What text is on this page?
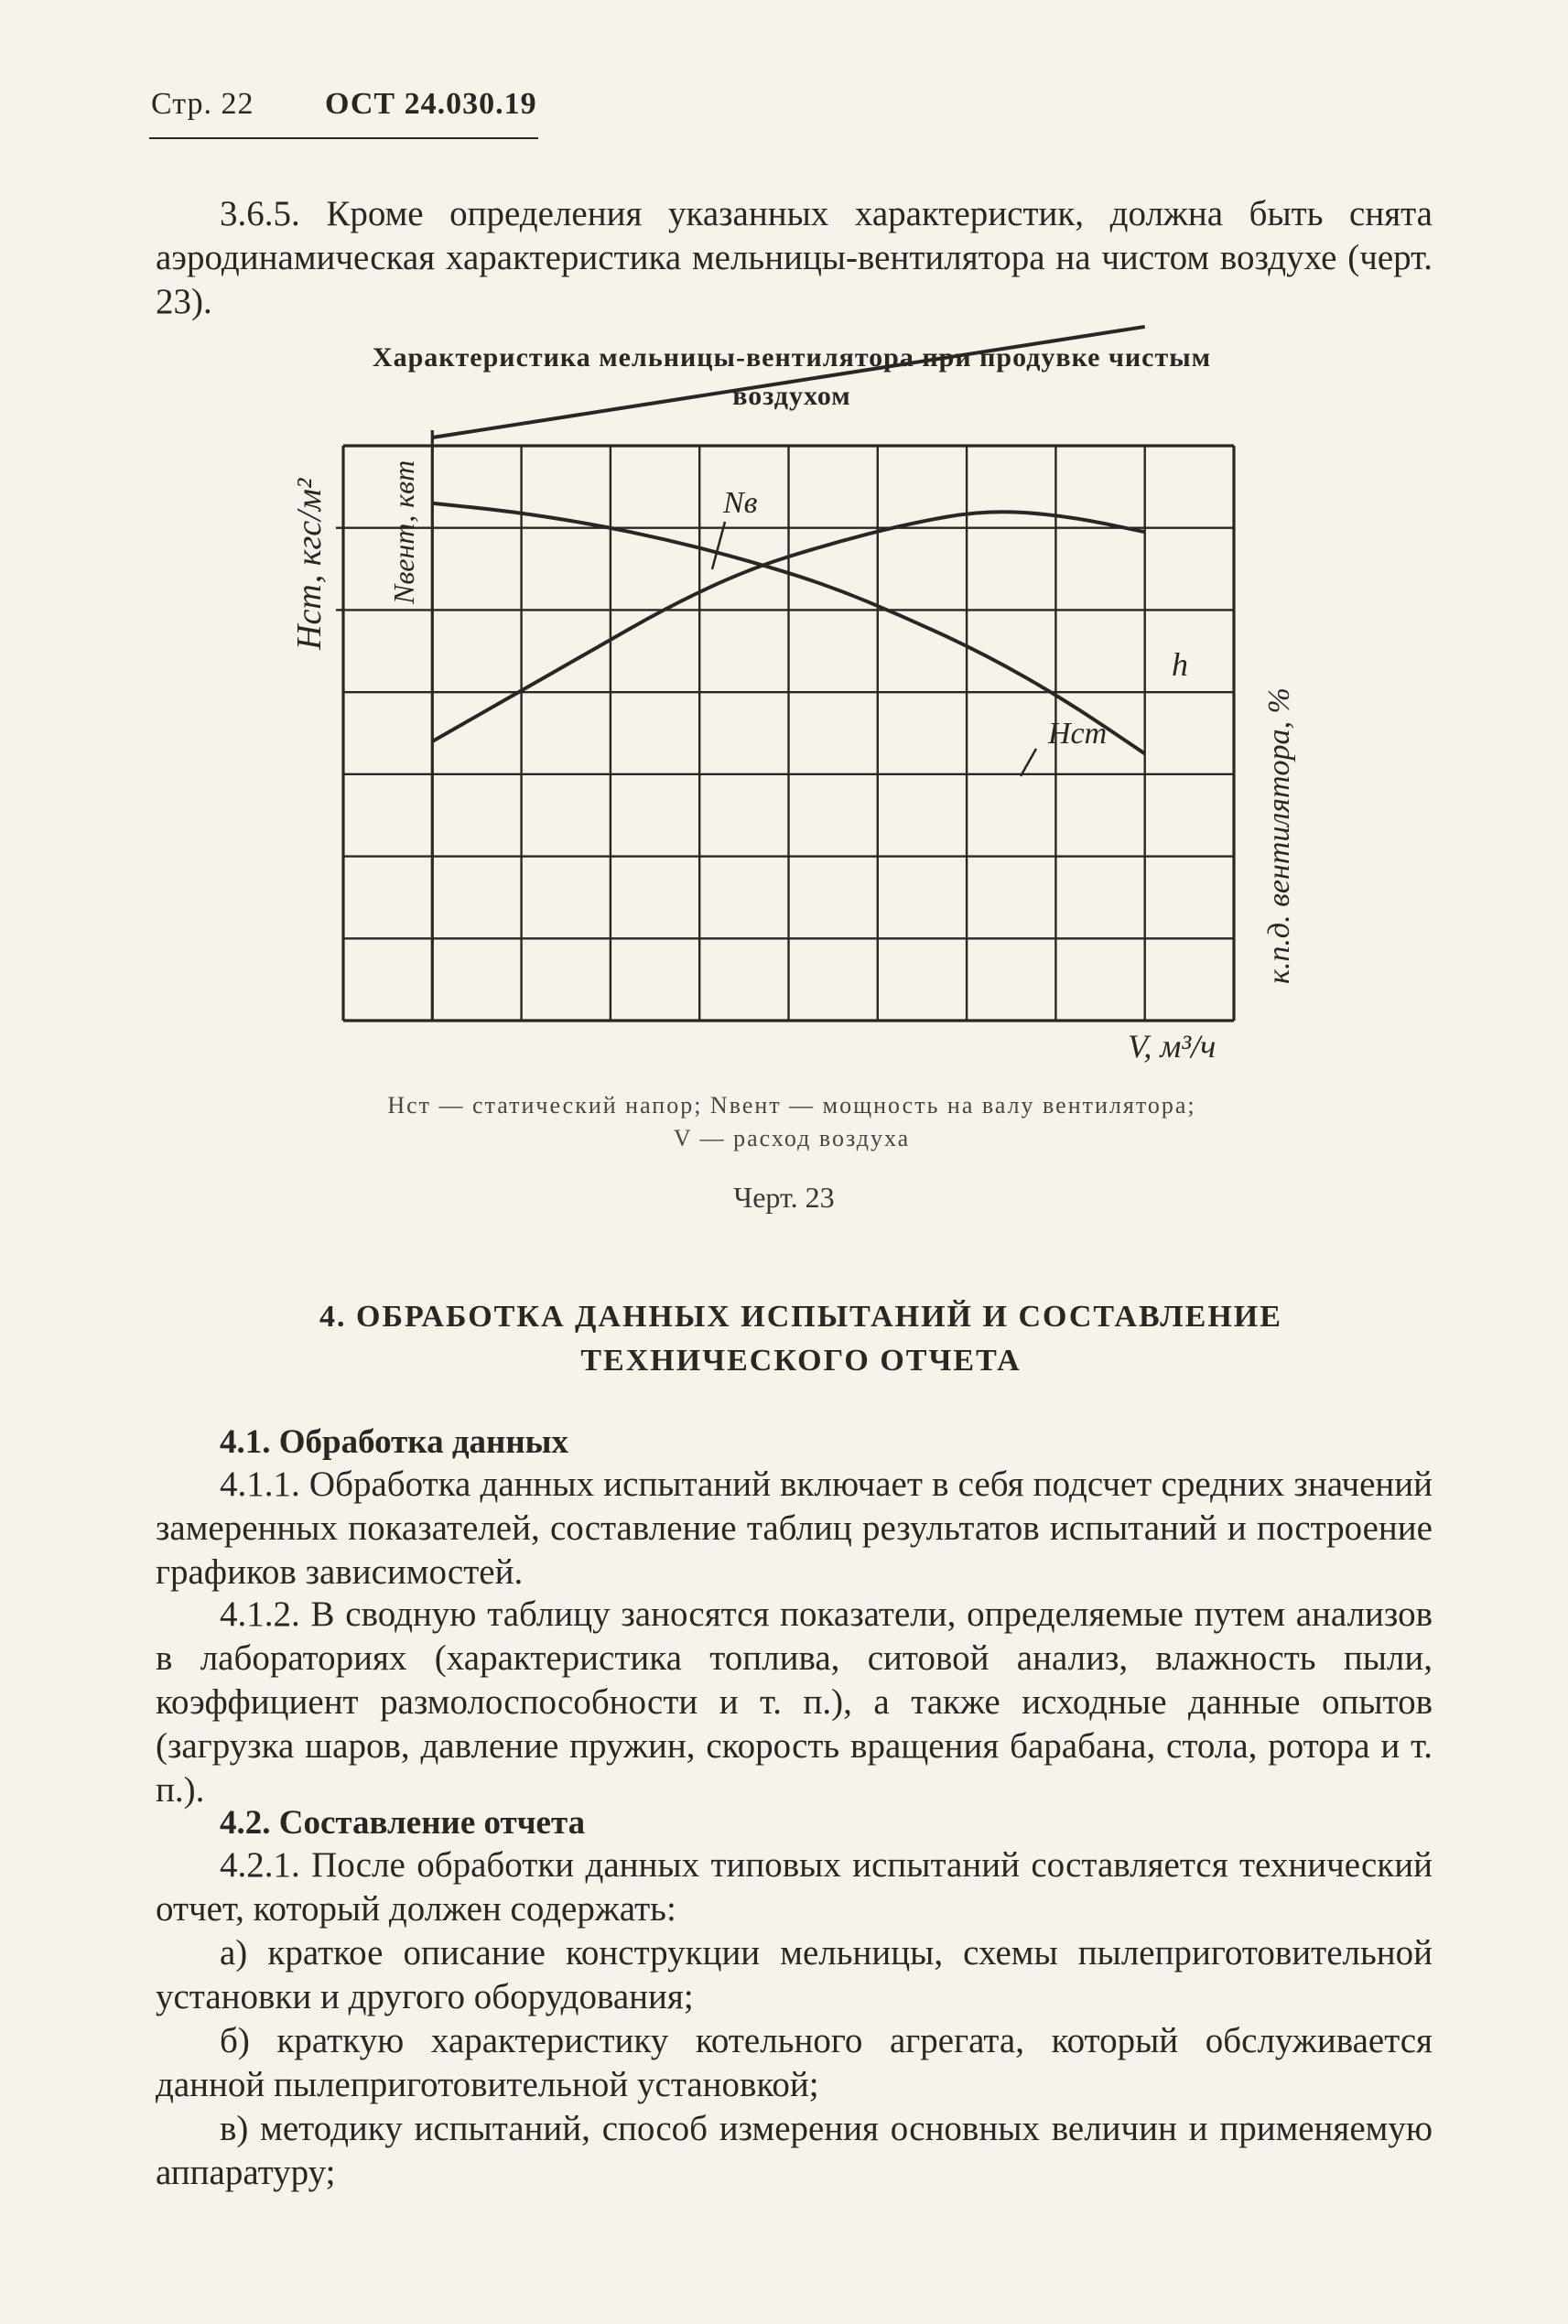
Стр. 22 ОСТ 24.030.19
3.6.5. Кроме определения указанных характеристик, должна быть снята аэродинамическая характеристика мельницы-вентилятора на чистом воздухе (черт. 23).
Характеристика мельницы-вентилятора при продувке чистым
воздухом
Hст, кгс/м² Nвент, квт
к.п.д. вентилятора, %
V, м³/ч
Nв
h
Hст
Hст — статический напор; Nвент — мощность на валу вентилятора;
V — расход воздуха
Черт. 23
4. ОБРАБОТКА ДАННЫХ ИСПЫТАНИЙ И СОСТАВЛЕНИЕ
ТЕХНИЧЕСКОГО ОТЧЕТА
4.1. Обработка данных
4.1.1. Обработка данных испытаний включает в себя подсчет средних значений замеренных показателей, составление таблиц результатов испытаний и построение графиков зависимостей.
4.1.2. В сводную таблицу заносятся показатели, определяемые путем анализов в лабораториях (характеристика топлива, ситовой анализ, влажность пыли, коэффициент размолоспособности и т. п.), а также исходные данные опытов (загрузка шаров, давление пружин, скорость вращения барабана, стола, ротора и т. п.).
4.2. Составление отчета
4.2.1. После обработки данных типовых испытаний составляется технический отчет, который должен содержать:
а) краткое описание конструкции мельницы, схемы пылеприготовительной установки и другого оборудования;
б) краткую характеристику котельного агрегата, который обслуживается данной пылеприготовительной установкой;
в) методику испытаний, способ измерения основных величин и применяемую аппаратуру;
